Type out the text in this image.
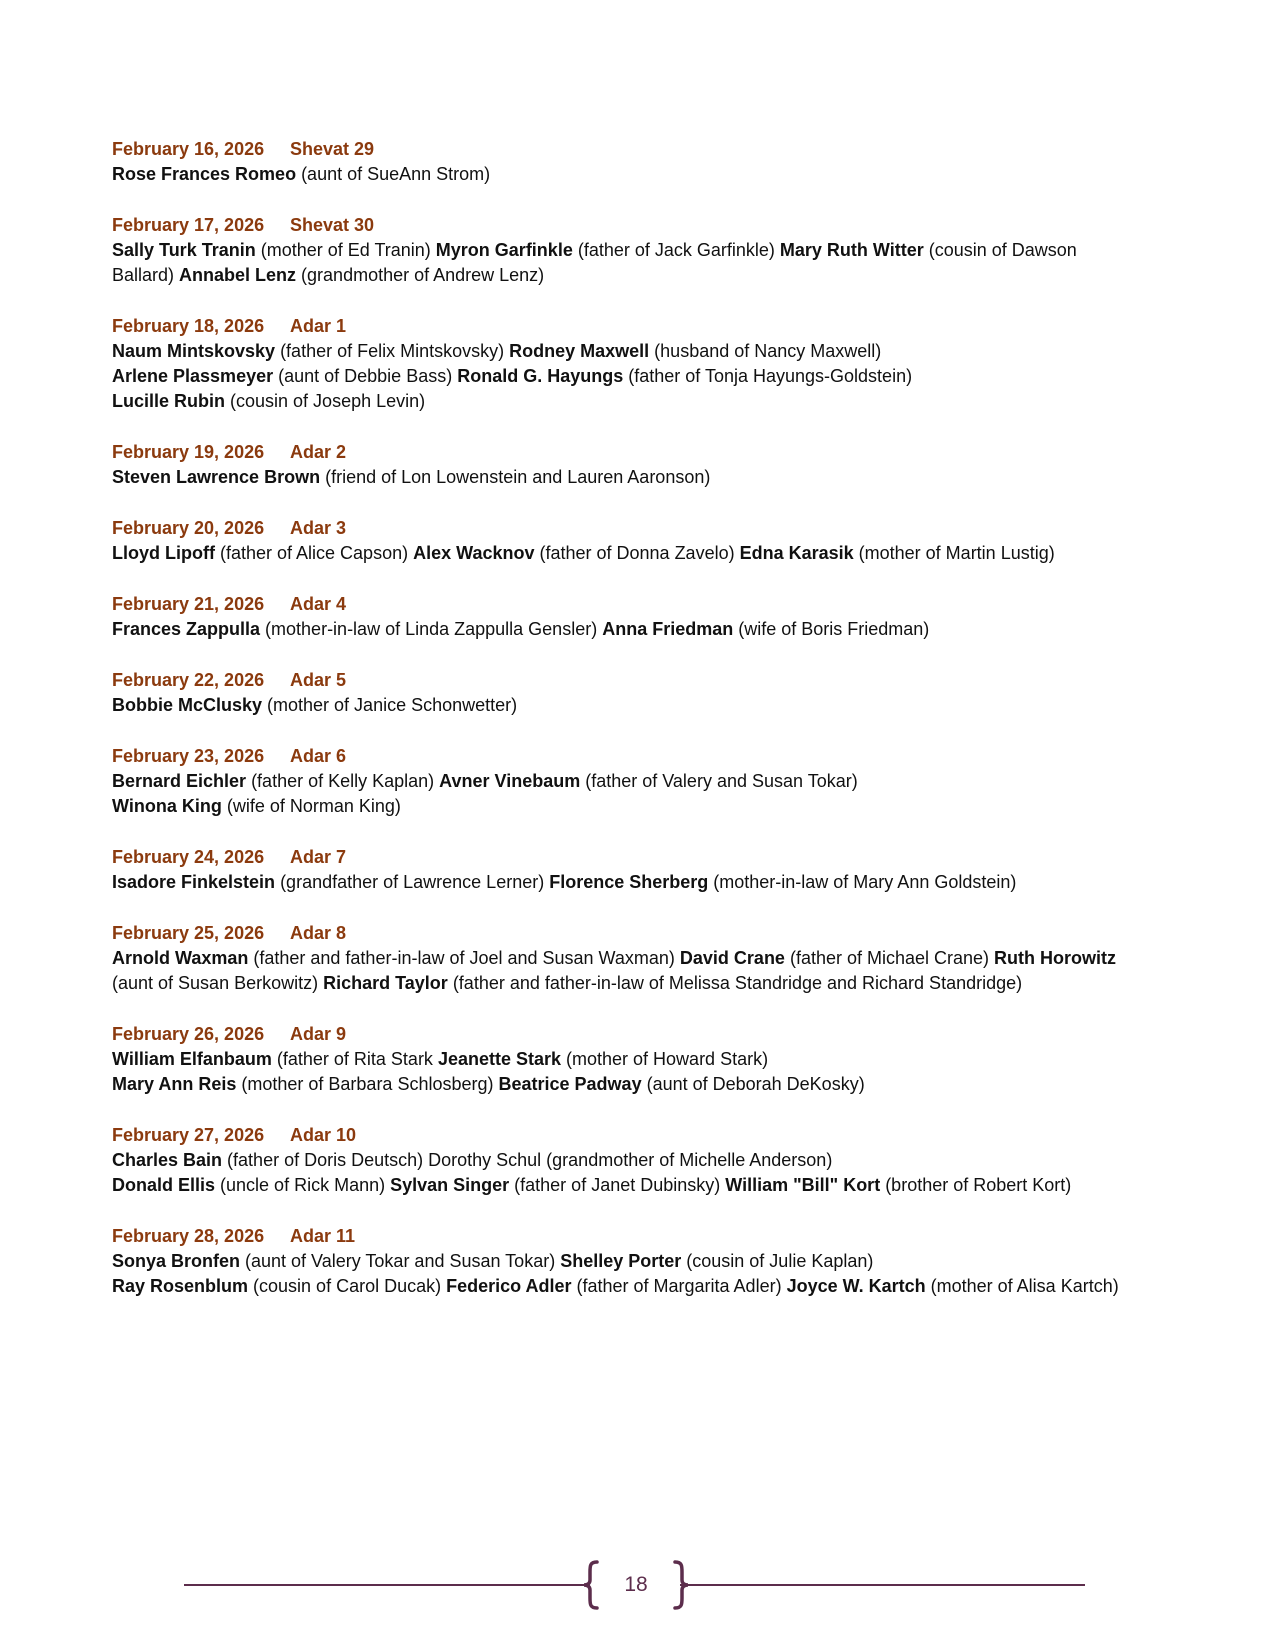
February 16, 2026 Shevat 29
Rose Frances Romeo (aunt of SueAnn Strom)
February 17, 2026 Shevat 30
Sally Turk Tranin (mother of Ed Tranin) Myron Garfinkle (father of Jack Garfinkle) Mary Ruth Witter (cousin of Dawson
Ballard) Annabel Lenz (grandmother of Andrew Lenz)
February 18, 2026 Adar 1
Naum Mintskovsky (father of Felix Mintskovsky) Rodney Maxwell (husband of Nancy Maxwell)
Arlene Plassmeyer (aunt of Debbie Bass) Ronald G. Hayungs (father of Tonja Hayungs-Goldstein)
Lucille Rubin (cousin of Joseph Levin)
February 19, 2026 Adar 2
Steven Lawrence Brown (friend of Lon Lowenstein and Lauren Aaronson)
February 20, 2026 Adar 3
Lloyd Lipoff (father of Alice Capson) Alex Wacknov (father of Donna Zavelo) Edna Karasik (mother of Martin Lustig)
February 21, 2026 Adar 4
Frances Zappulla (mother-in-law of Linda Zappulla Gensler) Anna Friedman (wife of Boris Friedman)
February 22, 2026 Adar 5
Bobbie McClusky (mother of Janice Schonwetter)
February 23, 2026 Adar 6
Bernard Eichler (father of Kelly Kaplan) Avner Vinebaum (father of Valery and Susan Tokar)
Winona King (wife of Norman King)
February 24, 2026 Adar 7
Isadore Finkelstein (grandfather of Lawrence Lerner) Florence Sherberg (mother-in-law of Mary Ann Goldstein)
February 25, 2026 Adar 8
Arnold Waxman (father and father-in-law of Joel and Susan Waxman) David Crane (father of Michael Crane) Ruth Horowitz
(aunt of Susan Berkowitz) Richard Taylor (father and father-in-law of Melissa Standridge and Richard Standridge)
February 26, 2026 Adar 9
William Elfanbaum (father of Rita Stark Jeanette Stark (mother of Howard Stark)
Mary Ann Reis (mother of Barbara Schlosberg) Beatrice Padway (aunt of Deborah DeKosky)
February 27, 2026 Adar 10
Charles Bain (father of Doris Deutsch) Dorothy Schul (grandmother of Michelle Anderson)
Donald Ellis (uncle of Rick Mann) Sylvan Singer (father of Janet Dubinsky) William "Bill" Kort (brother of Robert Kort)
February 28, 2026 Adar 11
Sonya Bronfen (aunt of Valery Tokar and Susan Tokar) Shelley Porter (cousin of Julie Kaplan)
Ray Rosenblum (cousin of Carol Ducak) Federico Adler (father of Margarita Adler) Joyce W. Kartch (mother of Alisa Kartch)
18
